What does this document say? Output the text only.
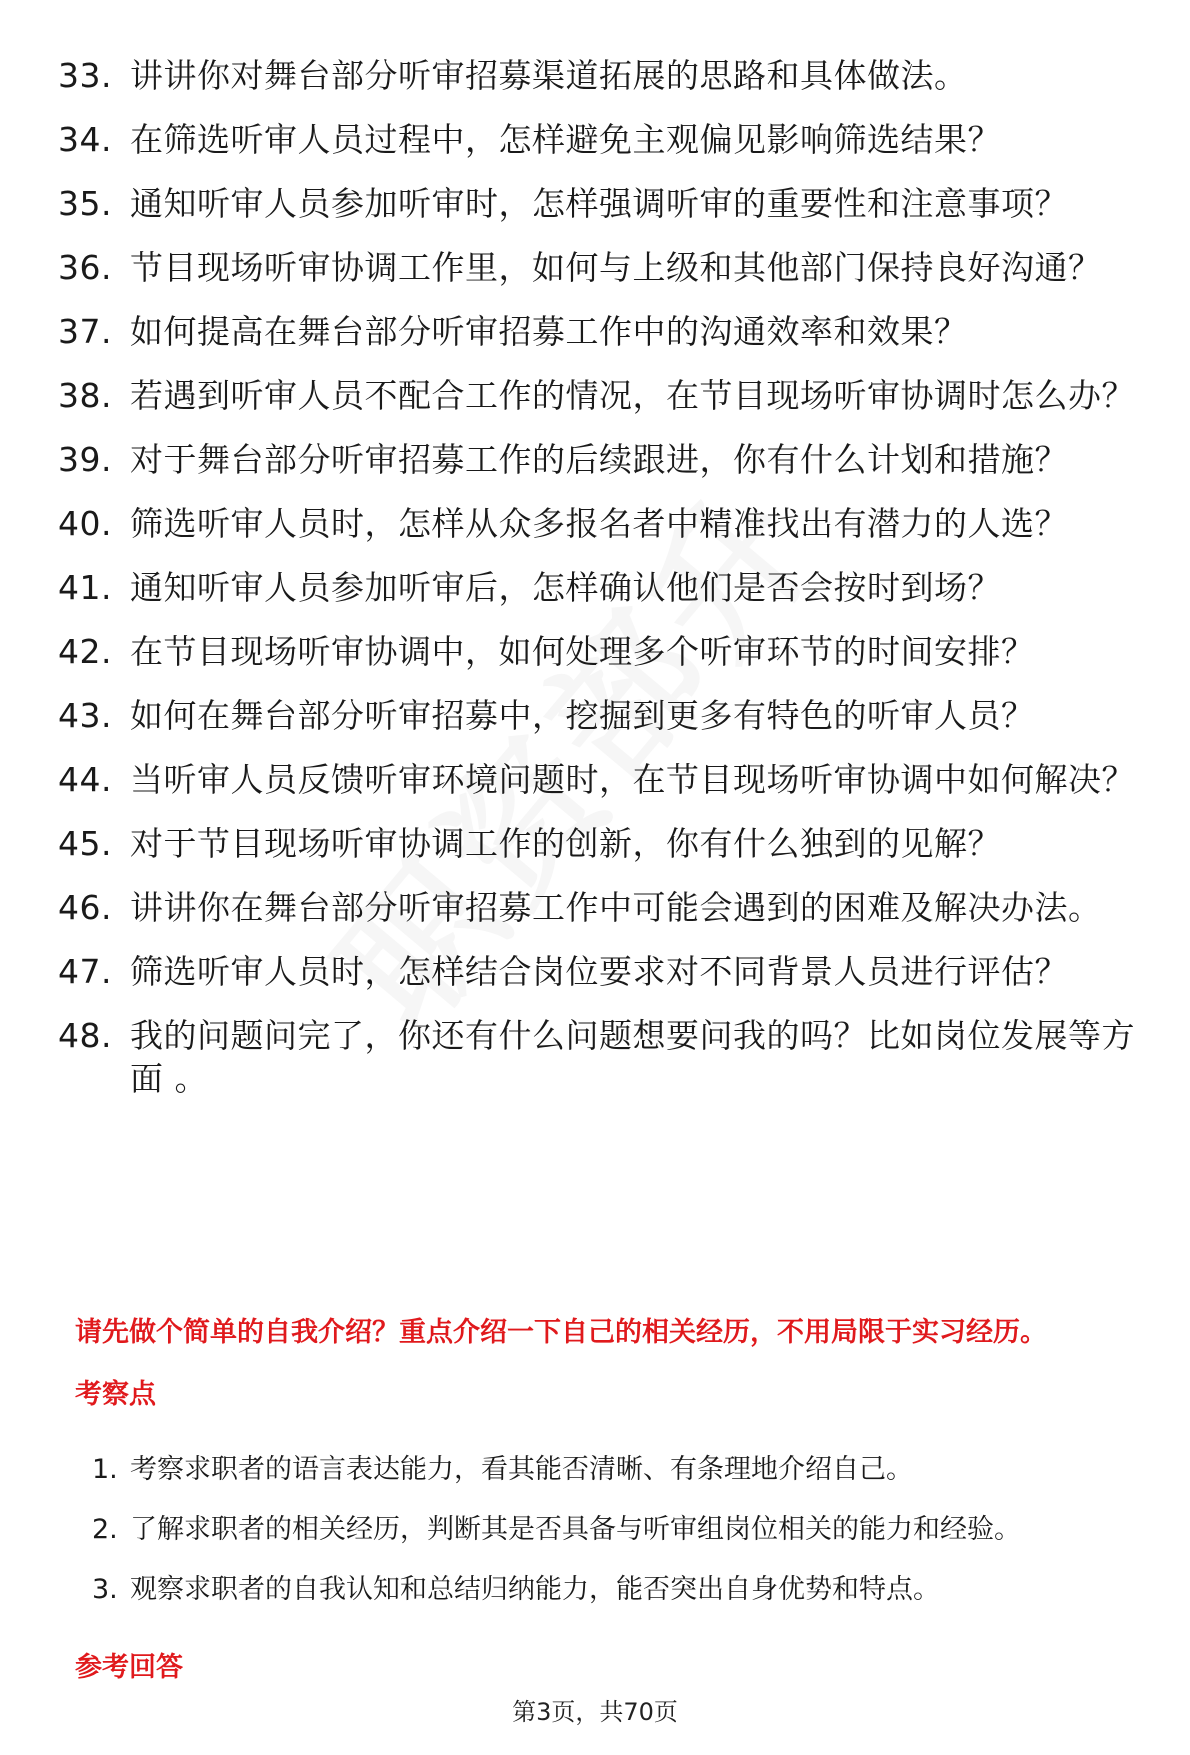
33. 讲讲你对舞台部分听审招募渠道拓展的思路和具体做法。
34. 在筛选听审人员过程中，怎样避免主观偏见影响筛选结果？
35. 通知听审人员参加听审时，怎样强调听审的重要性和注意事项？
36. 节目现场听审协调工作里，如何与上级和其他部门保持良好沟通？
37. 如何提高在舞台部分听审招募工作中的沟通效率和效果？
38. 若遇到听审人员不配合工作的情况，在节目现场听审协调时怎么办？
39. 对于舞台部分听审招募工作的后续跟进，你有什么计划和措施？
40. 筛选听审人员时，怎样从众多报名者中精准找出有潜力的人选？
41. 通知听审人员参加听审后，怎样确认他们是否会按时到场？
42. 在节目现场听审协调中，如何处理多个听审环节的时间安排？
43. 如何在舞台部分听审招募中，挖掘到更多有特色的听审人员？
44. 当听审人员反馈听审环境问题时，在节目现场听审协调中如何解决？
45. 对于节目现场听审协调工作的创新，你有什么独到的见解？
46. 讲讲你在舞台部分听审招募工作中可能会遇到的困难及解决办法。
47. 筛选听审人员时，怎样结合岗位要求对不同背景人员进行评估？
48. 我的问题问完了，你还有什么问题想要问我的吗？比如岗位发展等方面 。
请先做个简单的自我介绍？重点介绍一下自己的相关经历，不用局限于实习经历。
考察点
1. 考察求职者的语言表达能力，看其能否清晰、有条理地介绍自己。
2. 了解求职者的相关经历，判断其是否具备与听审组岗位相关的能力和经验。
3. 观察求职者的自我认知和总结归纳能力，能否突出自身优势和特点。
参考回答
第3页，共70页
